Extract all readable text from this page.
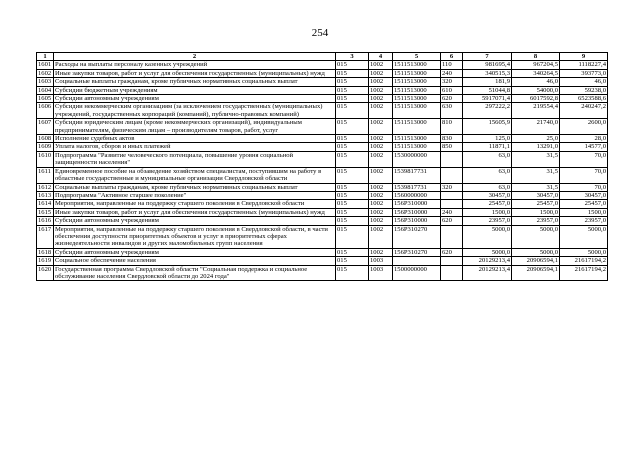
254
1	2	3	4	5	6	7	8	9
1601	Расходы на выплаты персоналу казенных учреждений	015	1002	1511513000	110	981695,4	967204,5	1118227,4
1602	Иные закупки товаров, работ и услуг для обеспечения государственных (муниципальных) нужд	015	1002	1511513000	240	340515,3	340264,5	393773,0
1603	Социальные выплаты гражданам, кроме публичных нормативных социальных выплат	015	1002	1511513000	320	181,9	46,0	46,0
1604	Субсидии бюджетным учреждениям	015	1002	1511513000	610	51044,8	54000,0	59238,0
1605	Субсидии автономным учреждениям	015	1002	1511513000	620	5917071,4	6017592,8	6523588,6
1606	Субсидии некоммерческим организациям (за исключением государственных (муниципальных) учреждений, государственных корпораций (компаний), публично-правовых компаний)	015	1002	1511513000	630	297222,2	219554,4	240247,2
1607	Субсидии юридическим лицам (кроме некоммерческих организаций), индивидуальным предпринимателям, физическим лицам – производителям товаров, работ, услуг	015	1002	1511513000	810	15605,9	21740,0	2600,0
1608	Исполнение судебных актов	015	1002	1511513000	830	125,0	25,0	28,0
1609	Уплата налогов, сборов и иных платежей	015	1002	1511513000	850	11871,1	13291,0	14577,0
1610	Подпрограмма "Развитие человеческого потенциала, повышение уровня социальной защищенности населения"	015	1002	1530000000		63,0	31,5	70,0
1611	Единовременное пособие на обзаведение хозяйством специалистам, поступившим на работу в областные государственные и муниципальные организации Свердловской области	015	1002	1539817731		63,0	31,5	70,0
1612	Социальные выплаты гражданам, кроме публичных нормативных социальных выплат	015	1002	1539817731	320	63,0	31,5	70,0
1613	Подпрограмма "Активное старшее поколение"	015	1002	1560000000		30457,0	30457,0	30457,0
1614	Мероприятия, направленные на поддержку старшего поколения в Свердловской области	015	1002	156P310000		25457,0	25457,0	25457,0
1615	Иные закупки товаров, работ и услуг для обеспечения государственных (муниципальных) нужд	015	1002	156P310000	240	1500,0	1500,0	1500,0
1616	Субсидии автономным учреждениям	015	1002	156P310000	620	23957,0	23957,0	23957,0
1617	Мероприятия, направленные на поддержку старшего поколения в Свердловской области, в части обеспечения доступности приоритетных объектов и услуг в приоритетных сферах жизнедеятельности инвалидов и других маломобильных групп населения	015	1002	156P310270		5000,0	5000,0	5000,0
1618	Субсидии автономным учреждениям	015	1002	156P310270	620	5000,0	5000,0	5000,0
1619	Социальное обеспечение населения	015	1003			20129213,4	20906594,1	21617194,2
1620	Государственная программа Свердловской области "Социальная поддержка и социальное обслуживание населения Свердловской области до 2024 года"	015	1003	1500000000		20129213,4	20906594,1	21617194,2
